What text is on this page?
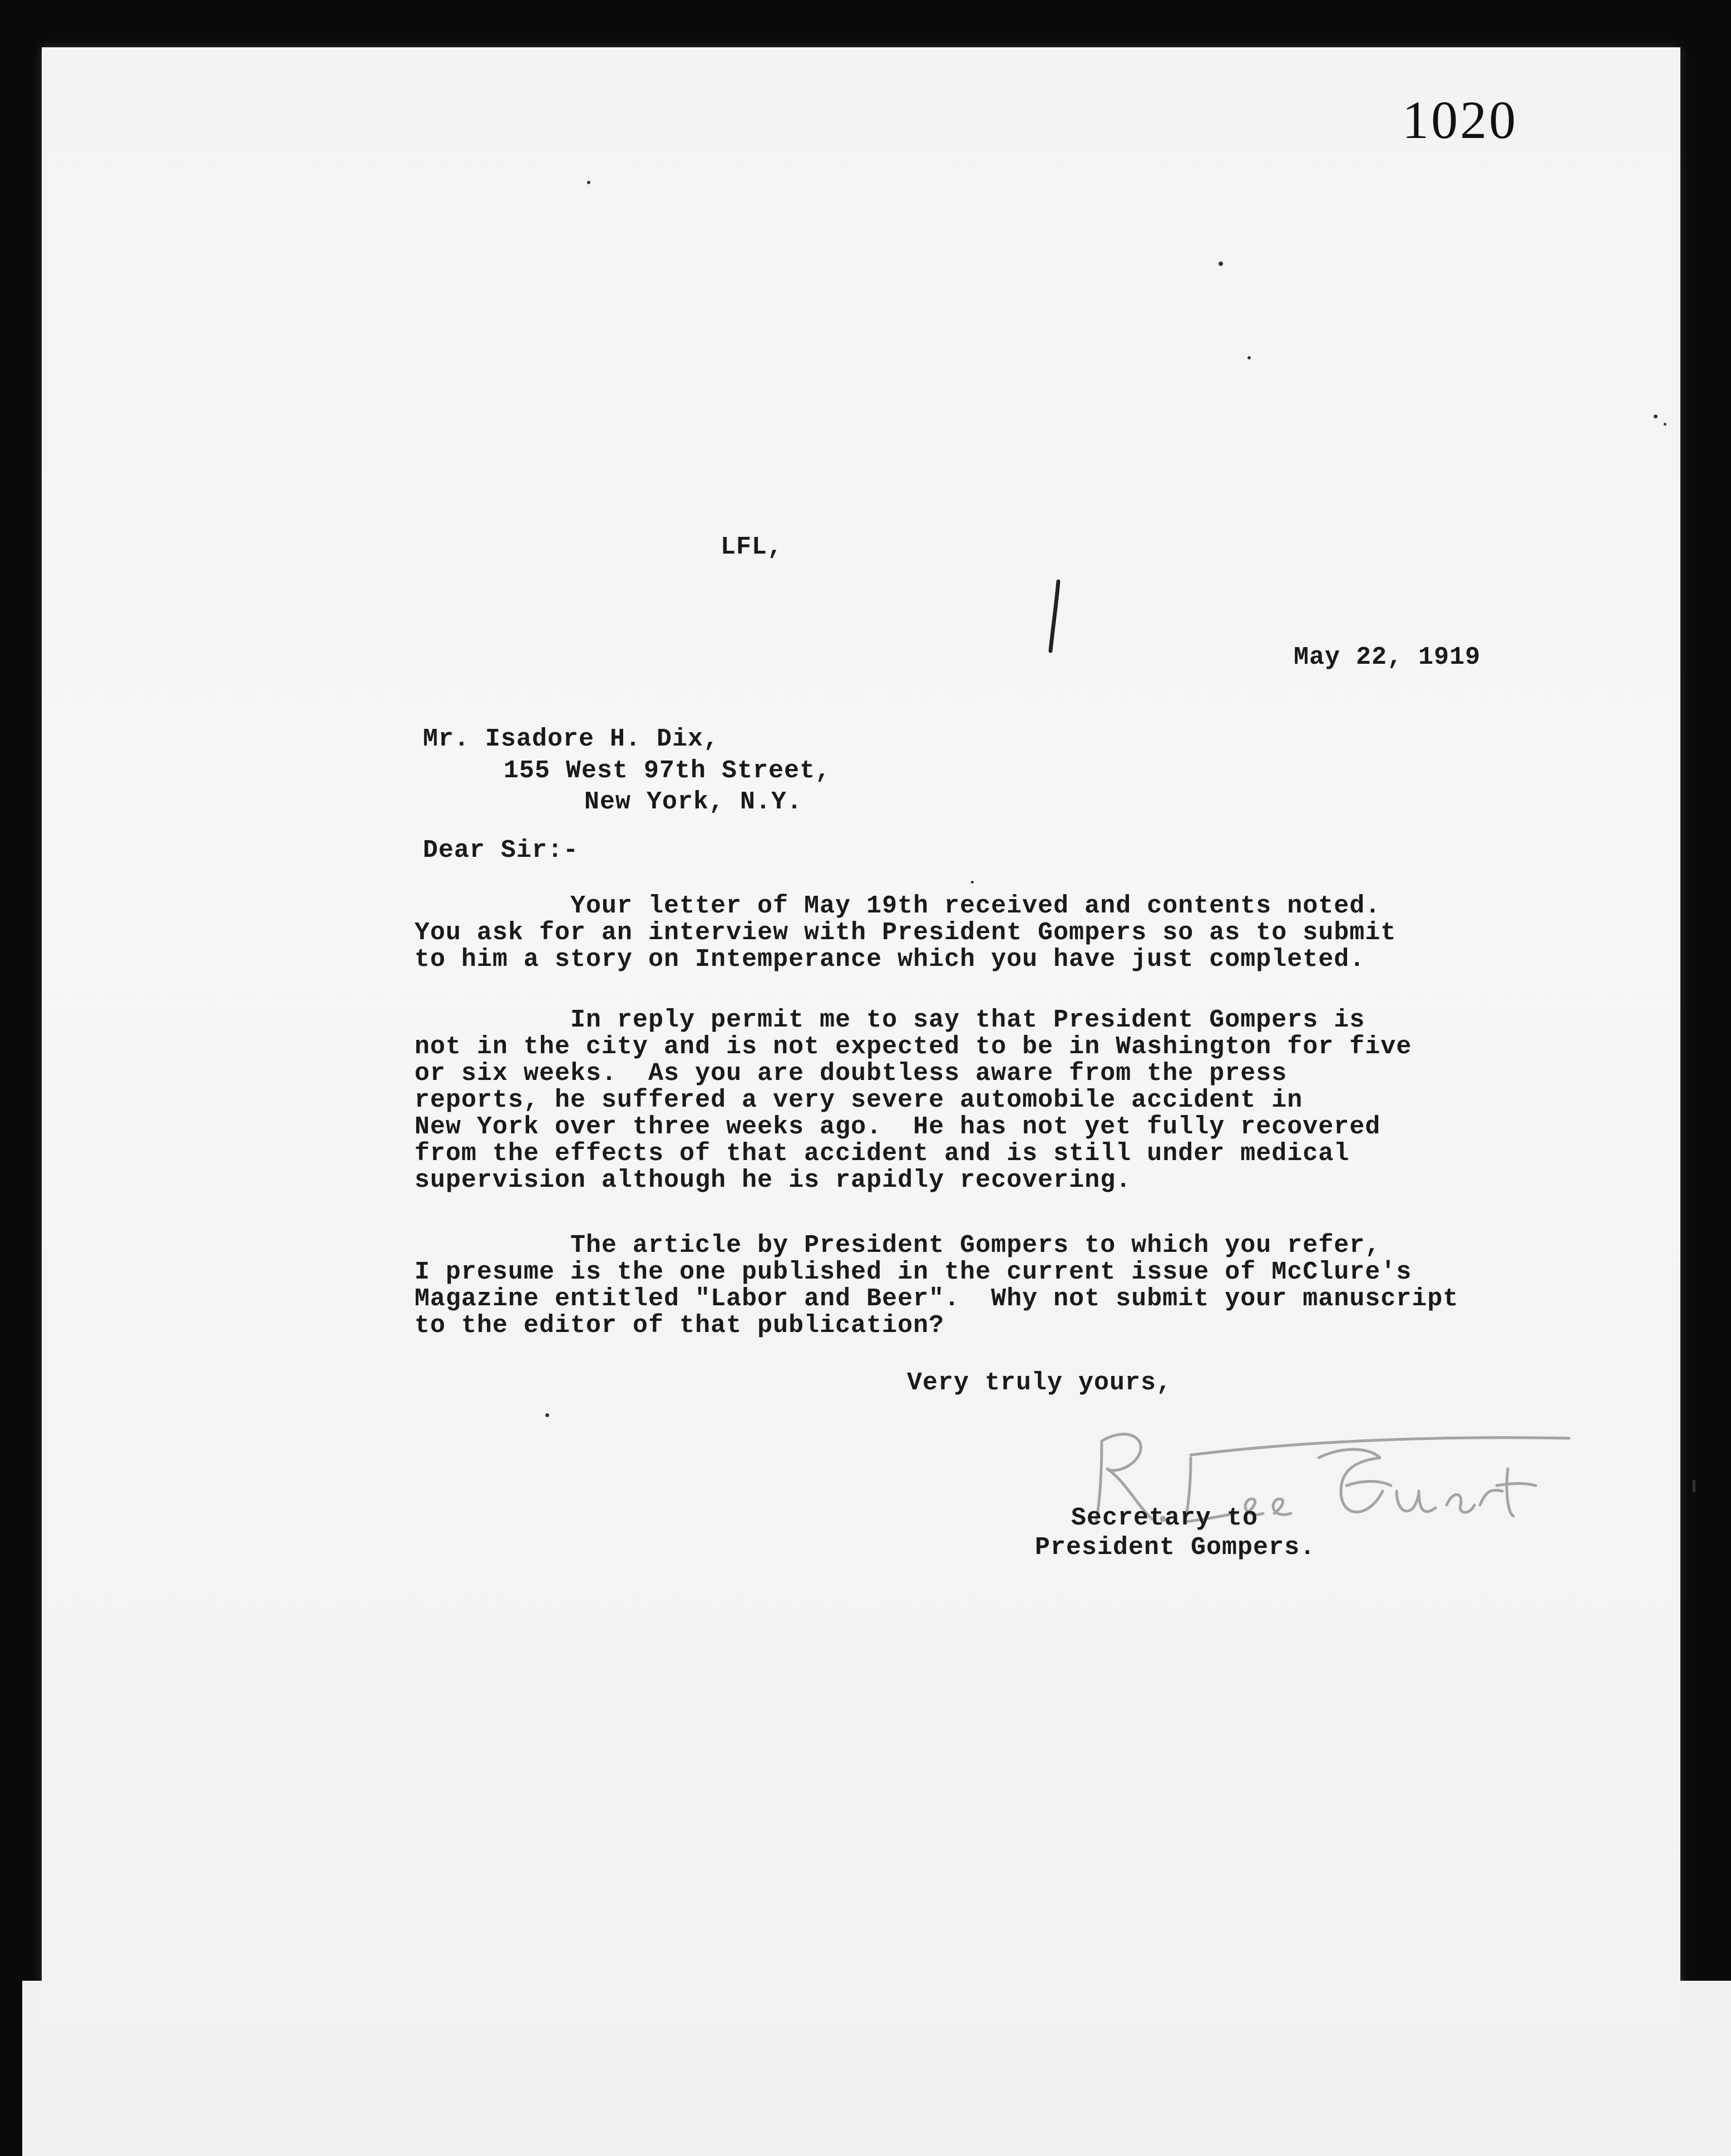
1020
LFL,
May 22, 1919
Mr. Isadore H. Dix,
155 West 97th Street,
New York, N.Y.
Dear Sir:-
Your letter of May 19th received and contents noted.
You ask for an interview with President Gompers so as to submit
to him a story on Intemperance which you have just completed.
In reply permit me to say that President Gompers is
not in the city and is not expected to be in Washington for five
or six weeks.  As you are doubtless aware from the press
reports, he suffered a very severe automobile accident in
New York over three weeks ago.  He has not yet fully recovered
from the effects of that accident and is still under medical
supervision although he is rapidly recovering.
The article by President Gompers to which you refer,
I presume is the one published in the current issue of McClure's
Magazine entitled "Labor and Beer".  Why not submit your manuscript
to the editor of that publication?
Very truly yours,
Secretary to
President Gompers.
